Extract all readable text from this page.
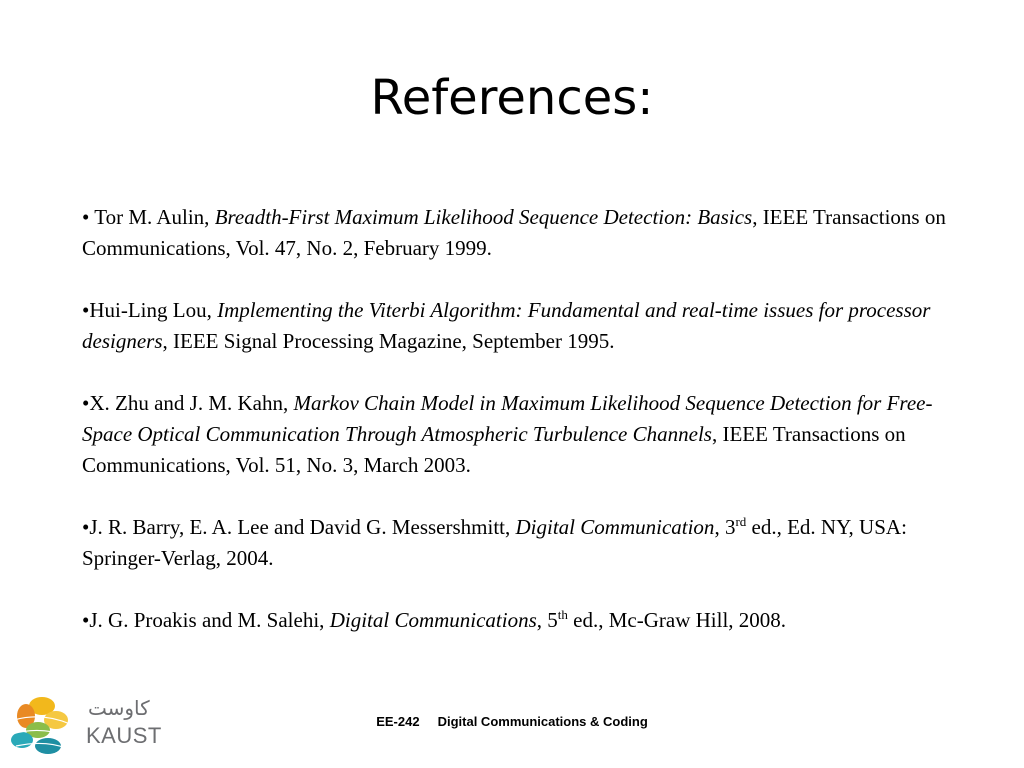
References:

• Tor M. Aulin, Breadth-First Maximum Likelihood Sequence Detection: Basics, IEEE Transactions on Communications, Vol. 47, No. 2, February 1999.

•Hui-Ling Lou, Implementing the Viterbi Algorithm: Fundamental and real-time issues for processor designers, IEEE Signal Processing Magazine, September 1995.

•X. Zhu and J. M. Kahn, Markov Chain Model in Maximum Likelihood Sequence Detection for Free-Space Optical Communication Through Atmospheric Turbulence Channels, IEEE Transactions on Communications, Vol. 51, No. 3, March 2003.

•J. R. Barry, E. A. Lee and David G. Messershmitt, Digital Communication, 3rd ed., Ed. NY, USA: Springer-Verlag, 2004.

•J. G. Proakis and M. Salehi, Digital Communications, 5th ed., Mc-Graw Hill, 2008.

كاوست
KAUST
EE-242 Digital Communications & Coding
